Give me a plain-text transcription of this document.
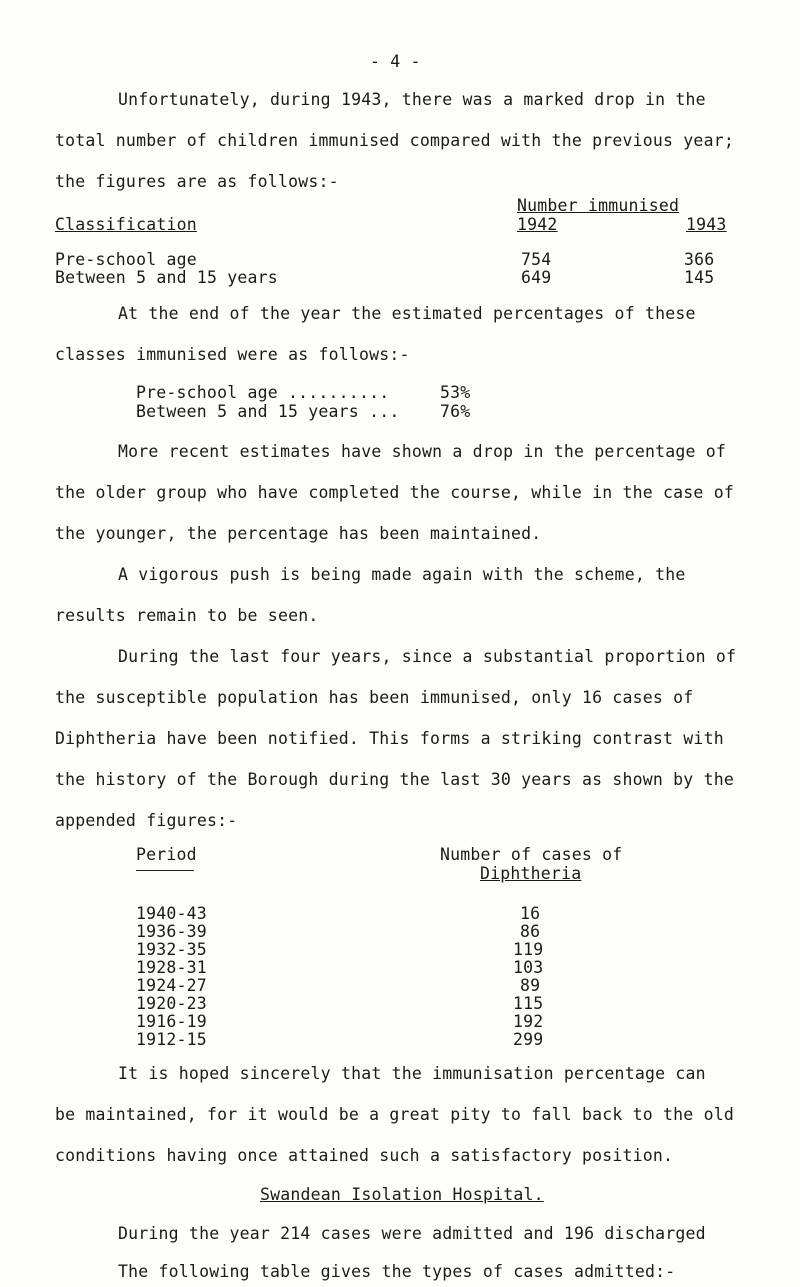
- 4 -
Unfortunately, during 1943, there was a marked drop in the
total number of children immunised compared with the previous year;
the figures are as follows:-
Number immunised
Classification	1942	1943
Pre-school age	754	366
Between 5 and 15 years	649	145
At the end of the year the estimated percentages of these
classes immunised were as follows:-
Pre-school age ..........	53%
Between 5 and 15 years ... 76%
More recent estimates have shown a drop in the percentage of
the older group who have completed the course, while in the case of
the younger, the percentage has been maintained.
A vigorous push is being made again with the scheme, the
results remain to be seen.
During the last four years, since a substantial proportion of
the susceptible population has been immunised, only 16 cases of
Diphtheria have been notified. This forms a striking contrast with
the history of the Borough during the last 30 years as shown by the
appended figures:-
Period	Number of cases of
Diphtheria
1940-43	16
1936-39	86
1932-35	119
1928-31	103
1924-27	89
1920-23	115
1916-19	192
1912-15	299
It is hoped sincerely that the immunisation percentage can
be maintained, for it would be a great pity to fall back to the old
conditions having once attained such a satisfactory position.
Swandean Isolation Hospital.
During the year 214 cases were admitted and 196 discharged
The following table gives the types of cases admitted:-
